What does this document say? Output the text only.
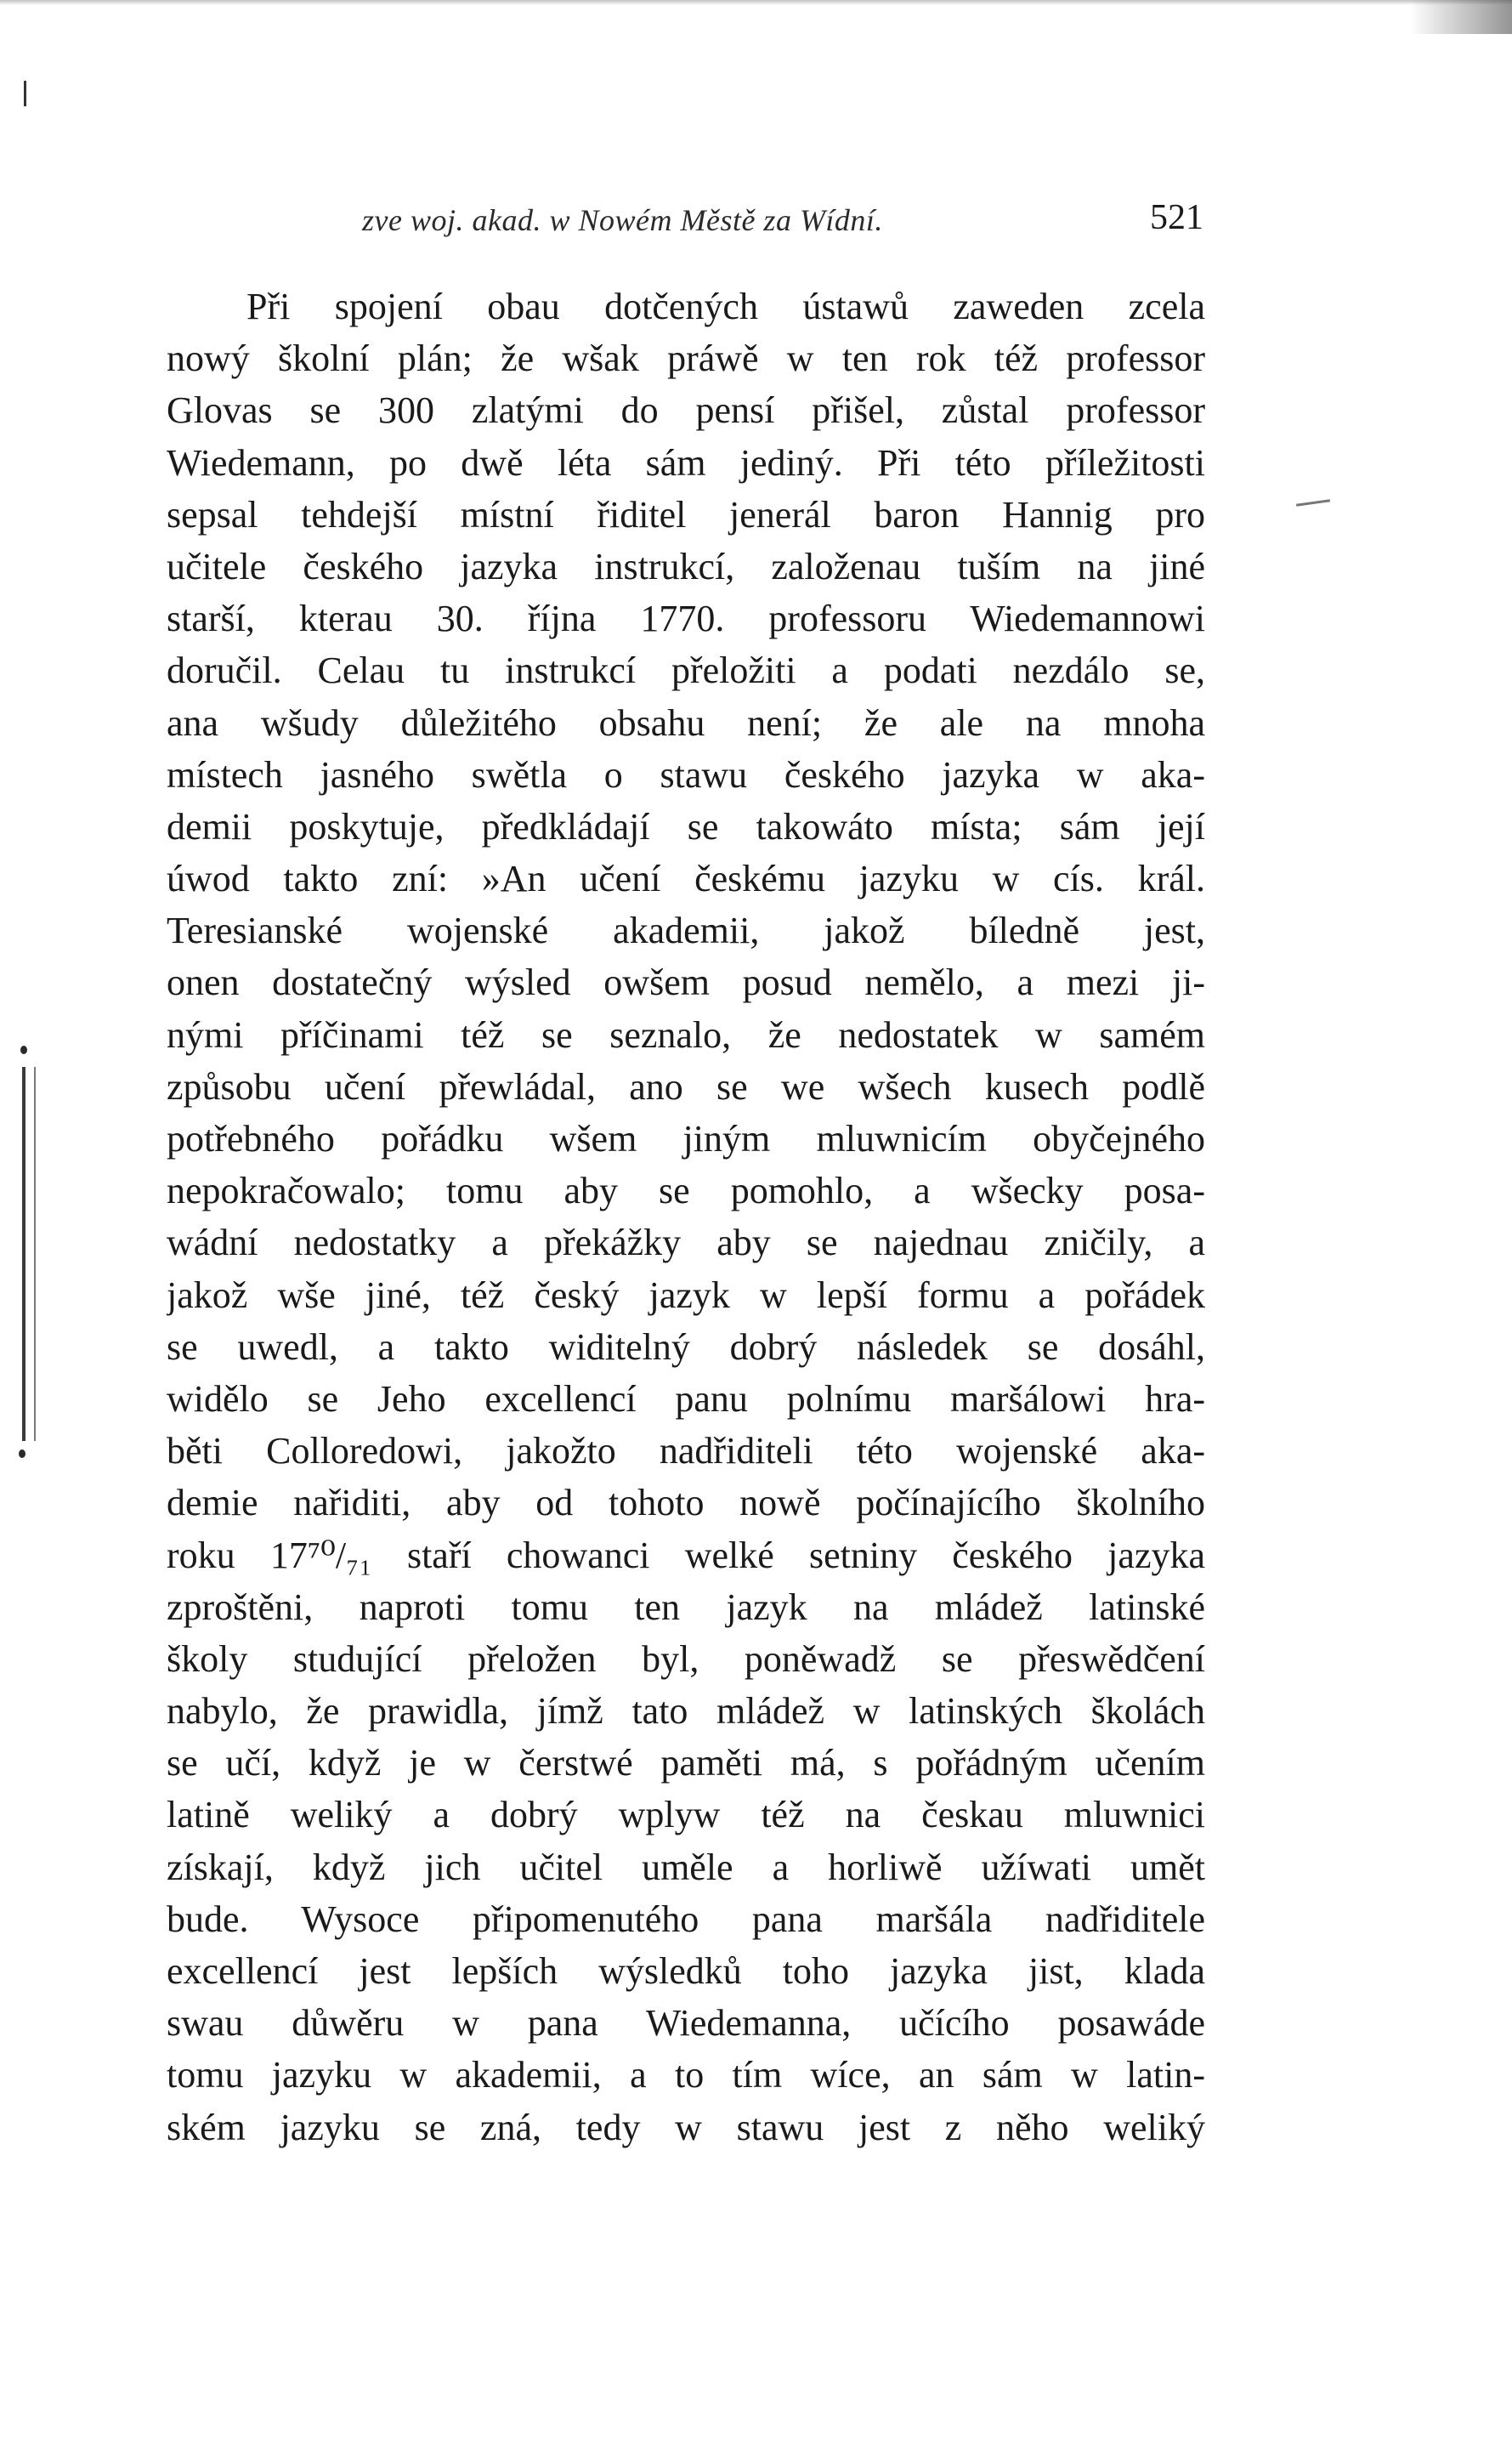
zve woj. akad. w Nowém Městě za Wídní.	521
Při spojení obau dotčených ústawů zaweden zcela
nowý školní plán; že wšak práwě w ten rok též professor
Glovas se 300 zlatými do pensí přišel, zůstal professor
Wiedemann, po dwě léta sám jediný. Při této příležitosti
sepsal tehdejší místní řiditel jenerál baron Hannig pro
učitele českého jazyka instrukcí, založenau tuším na jiné
starší, kterau 30. října 1770. professoru Wiedemannowi
doručil. Celau tu instrukcí přeložiti a podati nezdálo se,
ana wšudy důležitého obsahu není; že ale na mnoha
místech jasného swětla o stawu českého jazyka w aka-
demii poskytuje, předkládají se takowáto místa; sám její
úwod takto zní: »An učení českému jazyku w cís. král.
Teresianské wojenské akademii, jakož bíledně jest,
onen dostatečný wýsled owšem posud nemělo, a mezi ji-
nými příčinami též se seznalo, že nedostatek w samém
způsobu učení přewládal, ano se we wšech kusech podlě
potřebného pořádku wšem jiným mluwnicím obyčejného
nepokračowalo; tomu aby se pomohlo, a wšecky posa-
wádní nedostatky a překážky aby se najednau zničily, a
jakož wše jiné, též český jazyk w lepší formu a pořádek
se uwedl, a takto widitelný dobrý následek se dosáhl,
widělo se Jeho excellencí panu polnímu maršálowi hra-
běti Colloredowi, jakožto nadřiditeli této wojenské aka-
demie nařiditi, aby od tohoto nowě počínajícího školního
roku 17⁷⁰/₇₁ staří chowanci welké setniny českého jazyka
zproštěni, naproti tomu ten jazyk na mládež latinské
školy studující přeložen byl, poněwadž se přeswědčení
nabylo, že prawidla, jímž tato mládež w latinských školách
se učí, když je w čerstwé paměti má, s pořádným učením
latině weliký a dobrý wplyw též na českau mluwnici
získají, když jich učitel uměle a horliwě užíwati umět
bude. Wysoce připomenutého pana maršála nadřiditele
excellencí jest lepších wýsledků toho jazyka jist, klada
swau důwěru w pana Wiedemanna, učícího posawáde
tomu jazyku w akademii, a to tím wíce, an sám w latin-
ském jazyku se zná, tedy w stawu jest z něho weliký
